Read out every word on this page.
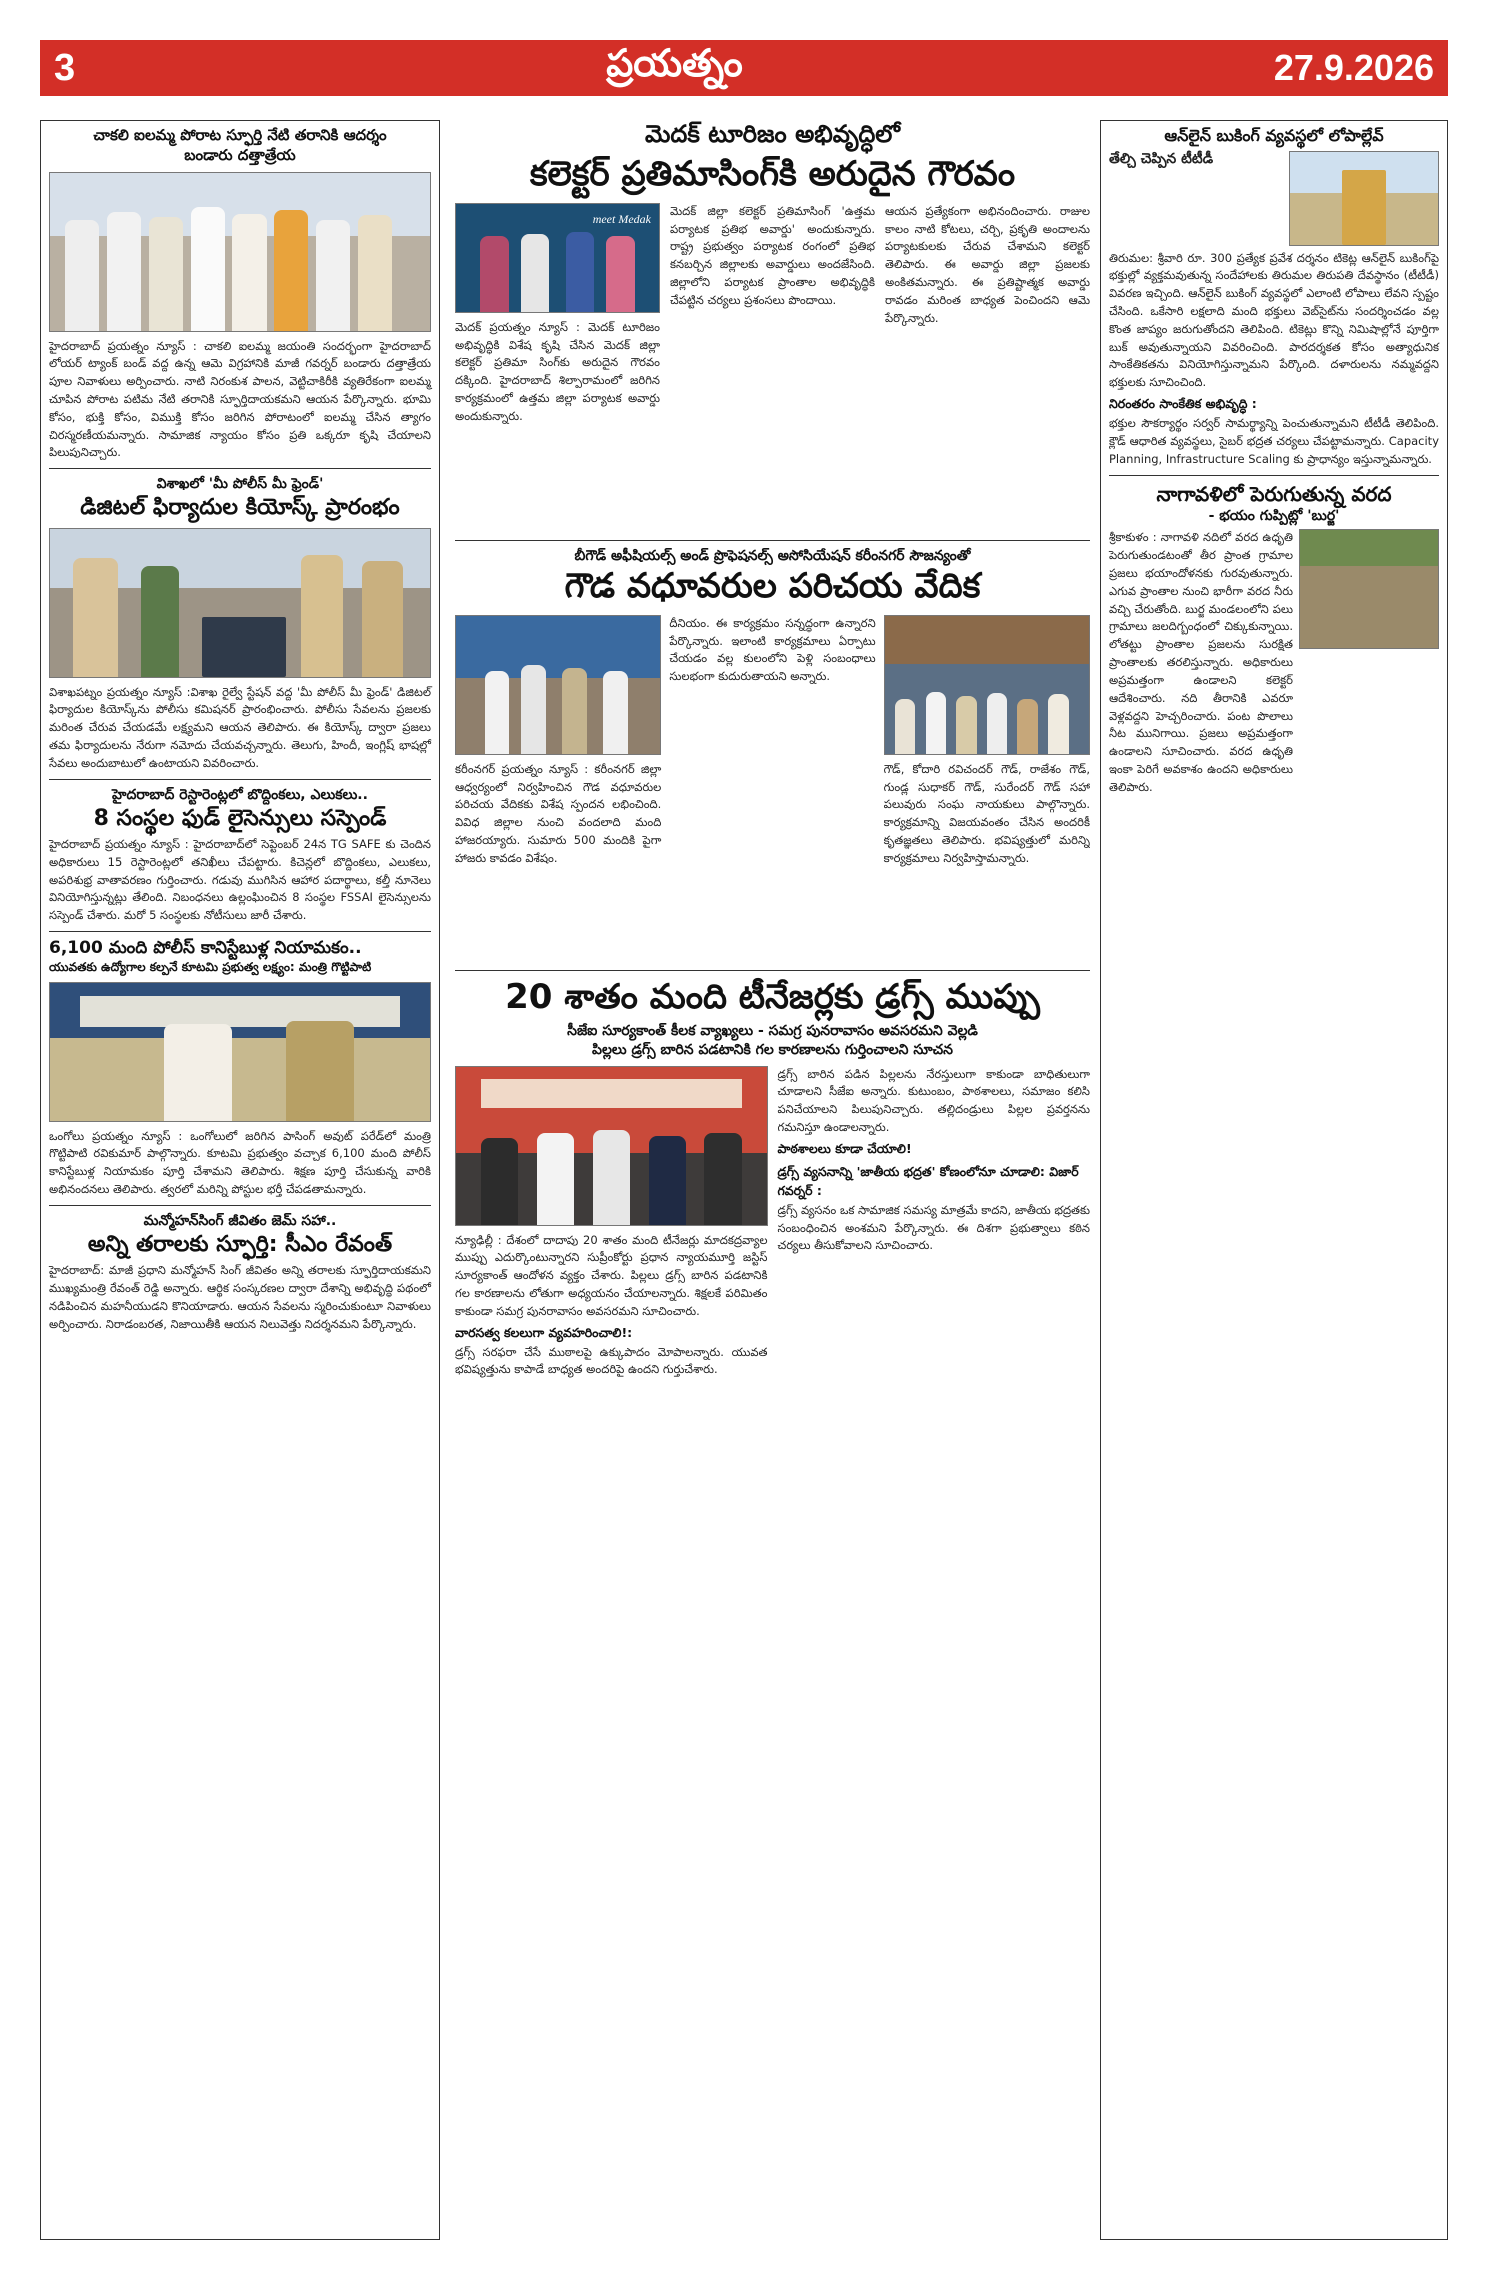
3	ప్రయత్నం	27.9.2026
చాకలి ఐలమ్మ పోరాట స్ఫూర్తి నేటి తరానికి ఆదర్శం
బండారు దత్తాత్రేయ
హైదరాబాద్ ప్రయత్నం న్యూస్ : చాకలి ఐలమ్మ జయంతి సందర్భంగా హైదరాబాద్ లోయర్ ట్యాంక్ బండ్ వద్ద ఉన్న ఆమె విగ్రహానికి మాజీ గవర్నర్ బండారు దత్తాత్రేయ పూల నివాళులు అర్పించారు. నాటి నిరంకుశ పాలన, వెట్టిచాకిరీకి వ్యతిరేకంగా ఐలమ్మ చూపిన పోరాట పటిమ నేటి తరానికి స్ఫూర్తిదాయకమని ఆయన పేర్కొన్నారు. భూమి కోసం, భుక్తి కోసం, విముక్తి కోసం జరిగిన పోరాటంలో ఐలమ్మ చేసిన త్యాగం చిరస్మరణీయమన్నారు. సామాజిక న్యాయం కోసం ప్రతి ఒక్కరూ కృషి చేయాలని పిలుపునిచ్చారు.
విశాఖలో 'మీ పోలీస్ మీ ఫ్రెండ్'
డిజిటల్ ఫిర్యాదుల కియోస్క్‌ ప్రారంభం
విశాఖపట్నం ప్రయత్నం న్యూస్ :విశాఖ రైల్వే స్టేషన్ వద్ద 'మీ పోలీస్ మీ ఫ్రెండ్' డిజిటల్ ఫిర్యాదుల కియోస్క్‌ను పోలీసు కమిషనర్ ప్రారంభించారు. పోలీసు సేవలను ప్రజలకు మరింత చేరువ చేయడమే లక్ష్యమని ఆయన తెలిపారు. ఈ కియోస్క్ ద్వారా ప్రజలు తమ ఫిర్యాదులను నేరుగా నమోదు చేయవచ్చన్నారు. తెలుగు, హిందీ, ఇంగ్లిష్ భాషల్లో సేవలు అందుబాటులో ఉంటాయని వివరించారు.
హైదరాబాద్ రెస్టారెంట్లలో బొద్దింకలు, ఎలుకలు..
8 సంస్థల ఫుడ్ లైసెన్సులు సస్పెండ్
హైదరాబాద్ ప్రయత్నం న్యూస్ : హైదరాబాద్‌లో సెప్టెంబర్ 24న TG SAFE కు చెందిన అధికారులు 15 రెస్టారెంట్లలో తనిఖీలు చేపట్టారు. కిచెన్లలో బొద్దింకలు, ఎలుకలు, అపరిశుభ్ర వాతావరణం గుర్తించారు. గడువు ముగిసిన ఆహార పదార్థాలు, కల్తీ నూనెలు వినియోగిస్తున్నట్లు తేలింది. నిబంధనలు ఉల్లంఘించిన 8 సంస్థల FSSAI లైసెన్సులను సస్పెండ్ చేశారు. మరో 5 సంస్థలకు నోటీసులు జారీ చేశారు.
6,100 మంది పోలీస్ కానిస్టేబుళ్ల నియామకం..
యువతకు ఉద్యోగాల కల్పనే కూటమి ప్రభుత్వ లక్ష్యం: మంత్రి గొట్టిపాటి
ఒంగోలు ప్రయత్నం న్యూస్ : ఒంగోలులో జరిగిన పాసింగ్ అవుట్ పరేడ్‌లో మంత్రి గొట్టిపాటి రవికుమార్ పాల్గొన్నారు. కూటమి ప్రభుత్వం వచ్చాక 6,100 మంది పోలీస్ కానిస్టేబుళ్ల నియామకం పూర్తి చేశామని తెలిపారు. శిక్షణ పూర్తి చేసుకున్న వారికి అభినందనలు తెలిపారు. త్వరలో మరిన్ని పోస్టుల భర్తీ చేపడతామన్నారు.
మన్మోహన్‌సింగ్ జీవితం జెమ్ సహా..
అన్ని తరాలకు స్ఫూర్తి: సీఎం రేవంత్
హైదరాబాద్: మాజీ ప్రధాని మన్మోహన్ సింగ్ జీవితం అన్ని తరాలకు స్ఫూర్తిదాయకమని ముఖ్యమంత్రి రేవంత్ రెడ్డి అన్నారు. ఆర్థిక సంస్కరణల ద్వారా దేశాన్ని అభివృద్ధి పథంలో నడిపించిన మహనీయుడని కొనియాడారు. ఆయన సేవలను స్మరించుకుంటూ నివాళులు అర్పించారు. నిరాడంబరత, నిజాయితీకి ఆయన నిలువెత్తు నిదర్శనమని పేర్కొన్నారు.
మెదక్ టూరిజం అభివృద్ధిలో
కలెక్టర్ ప్రతిమాసింగ్‌కి అరుదైన గౌరవం
meet Medak
మెదక్ ప్రయత్నం న్యూస్ : మెదక్ టూరిజం అభివృద్ధికి విశేష కృషి చేసిన మెదక్ జిల్లా కలెక్టర్ ప్రతిమా సింగ్‌కు అరుదైన గౌరవం దక్కింది. హైదరాబాద్ శిల్పారామంలో జరిగిన కార్యక్రమంలో ఉత్తమ జిల్లా పర్యాటక అవార్డు అందుకున్నారు.
మెదక్ జిల్లా కలెక్టర్ ప్రతిమాసింగ్ 'ఉత్తమ పర్యాటక ప్రతిభ అవార్డు' అందుకున్నారు. రాష్ట్ర ప్రభుత్వం పర్యాటక రంగంలో ప్రతిభ కనబర్చిన జిల్లాలకు అవార్డులు అందజేసింది. జిల్లాలోని పర్యాటక ప్రాంతాల అభివృద్ధికి చేపట్టిన చర్యలు ప్రశంసలు పొందాయి.
ఆయన ప్రత్యేకంగా అభినందించారు. రాజుల కాలం నాటి కోటలు, చర్చి, ప్రకృతి అందాలను పర్యాటకులకు చేరువ చేశామని కలెక్టర్ తెలిపారు. ఈ అవార్డు జిల్లా ప్రజలకు అంకితమన్నారు. ఈ ప్రతిష్టాత్మక అవార్డు రావడం మరింత బాధ్యత పెంచిందని ఆమె పేర్కొన్నారు.
బీగౌడ్ అఫీషియల్స్ అండ్ ప్రొఫెషనల్స్ అసోసియేషన్ కరీంనగర్ సౌజన్యంతో
గౌడ వధూవరుల పరిచయ వేదిక
కరీంనగర్ ప్రయత్నం న్యూస్ : కరీంనగర్ జిల్లా ఆధ్వర్యంలో నిర్వహించిన గౌడ వధూవరుల పరిచయ వేదికకు విశేష స్పందన లభించింది. వివిధ జిల్లాల నుంచి వందలాది మంది హాజరయ్యారు. సుమారు 500 మందికి పైగా హాజరు కావడం విశేషం.
దీనియం. ఈ కార్యక్రమం సన్నద్ధంగా ఉన్నారని పేర్కొన్నారు. ఇలాంటి కార్యక్రమాలు ఏర్పాటు చేయడం వల్ల కులంలోని పెళ్లి సంబంధాలు సులభంగా కుదురుతాయని అన్నారు.
గౌడ్, కోదారి రవిచందర్ గౌడ్, రాజేశం గౌడ్, గుండ్ల సుధాకర్ గౌడ్, సురేందర్ గౌడ్ సహా పలువురు సంఘ నాయకులు పాల్గొన్నారు. కార్యక్రమాన్ని విజయవంతం చేసిన అందరికీ కృతజ్ఞతలు తెలిపారు. భవిష్యత్తులో మరిన్ని కార్యక్రమాలు నిర్వహిస్తామన్నారు.
20 శాతం మంది టీనేజర్లకు డ్రగ్స్ ముప్పు
సీజేఐ సూర్యకాంత్ కీలక వ్యాఖ్యలు - సమగ్ర పునరావాసం అవసరమని వెల్లడి
పిల్లలు డ్రగ్స్ బారిన పడటానికి గల కారణాలను గుర్తించాలని సూచన
న్యూఢిల్లీ : దేశంలో దాదాపు 20 శాతం మంది టీనేజర్లు మాదకద్రవ్యాల ముప్పు ఎదుర్కొంటున్నారని సుప్రీంకోర్టు ప్రధాన న్యాయమూర్తి జస్టిస్ సూర్యకాంత్ ఆందోళన వ్యక్తం చేశారు. పిల్లలు డ్రగ్స్ బారిన పడటానికి గల కారణాలను లోతుగా అధ్యయనం చేయాలన్నారు. శిక్షలకే పరిమితం కాకుండా సమగ్ర పునరావాసం అవసరమని సూచించారు.
వారసత్వ కలలుగా వ్యవహరించాలి!:
డ్రగ్స్ సరఫరా చేసే ముఠాలపై ఉక్కుపాదం మోపాలన్నారు. యువత భవిష్యత్తును కాపాడే బాధ్యత అందరిపై ఉందని గుర్తుచేశారు.
డ్రగ్స్ బారిన పడిన పిల్లలను నేరస్తులుగా కాకుండా బాధితులుగా చూడాలని సీజేఐ అన్నారు. కుటుంబం, పాఠశాలలు, సమాజం కలిసి పనిచేయాలని పిలుపునిచ్చారు. తల్లిదండ్రులు పిల్లల ప్రవర్తనను గమనిస్తూ ఉండాలన్నారు.
పాఠశాలలు కూడా చేయాలి!
డ్రగ్స్ వ్యసనాన్ని 'జాతీయ భద్రత' కోణంలోనూ చూడాలి: విజార్ గవర్నర్ :
డ్రగ్స్ వ్యసనం ఒక సామాజిక సమస్య మాత్రమే కాదని, జాతీయ భద్రతకు సంబంధించిన అంశమని పేర్కొన్నారు. ఈ దిశగా ప్రభుత్వాలు కఠిన చర్యలు తీసుకోవాలని సూచించారు.
ఆన్‌లైన్ బుకింగ్ వ్యవస్థలో లోపాల్లేవ్
తేల్చి చెప్పిన టీటీడీ
తిరుమల: శ్రీవారి రూ. 300 ప్రత్యేక ప్రవేశ దర్శనం టికెట్ల ఆన్‌లైన్ బుకింగ్‌పై భక్తుల్లో వ్యక్తమవుతున్న సందేహాలకు తిరుమల తిరుపతి దేవస్థానం (టీటీడీ) వివరణ ఇచ్చింది. ఆన్‌లైన్ బుకింగ్ వ్యవస్థలో ఎలాంటి లోపాలు లేవని స్పష్టం చేసింది. ఒకేసారి లక్షలాది మంది భక్తులు వెబ్‌సైట్‌ను సందర్శించడం వల్ల కొంత జాప్యం జరుగుతోందని తెలిపింది. టికెట్లు కొన్ని నిమిషాల్లోనే పూర్తిగా బుక్ అవుతున్నాయని వివరించింది. పారదర్శకత కోసం అత్యాధునిక సాంకేతికతను వినియోగిస్తున్నామని పేర్కొంది. దళారులను నమ్మవద్దని భక్తులకు సూచించింది.
నిరంతరం సాంకేతిక అభివృద్ధి :
భక్తుల సౌకర్యార్థం సర్వర్ సామర్థ్యాన్ని పెంచుతున్నామని టీటీడీ తెలిపింది. క్లౌడ్ ఆధారిత వ్యవస్థలు, సైబర్ భద్రత చర్యలు చేపట్టామన్నారు. Capacity Planning, Infrastructure Scaling కు ప్రాధాన్యం ఇస్తున్నామన్నారు.
నాగావళిలో పెరుగుతున్న వరద
- భయం గుప్పిట్లో 'బుర్జ'
శ్రీకాకుళం : నాగావళి నదిలో వరద ఉధృతి పెరుగుతుండటంతో తీర ప్రాంత గ్రామాల ప్రజలు భయాందోళనకు గురవుతున్నారు. ఎగువ ప్రాంతాల నుంచి భారీగా వరద నీరు వచ్చి చేరుతోంది. బుర్జ మండలంలోని పలు గ్రామాలు జలదిగ్బంధంలో చిక్కుకున్నాయి. లోతట్టు ప్రాంతాల ప్రజలను సురక్షిత ప్రాంతాలకు తరలిస్తున్నారు. అధికారులు అప్రమత్తంగా ఉండాలని కలెక్టర్ ఆదేశించారు. నది తీరానికి ఎవరూ వెళ్లవద్దని హెచ్చరించారు. పంట పొలాలు నీట మునిగాయి. ప్రజలు అప్రమత్తంగా ఉండాలని సూచించారు. వరద ఉధృతి ఇంకా పెరిగే అవకాశం ఉందని అధికారులు తెలిపారు.
